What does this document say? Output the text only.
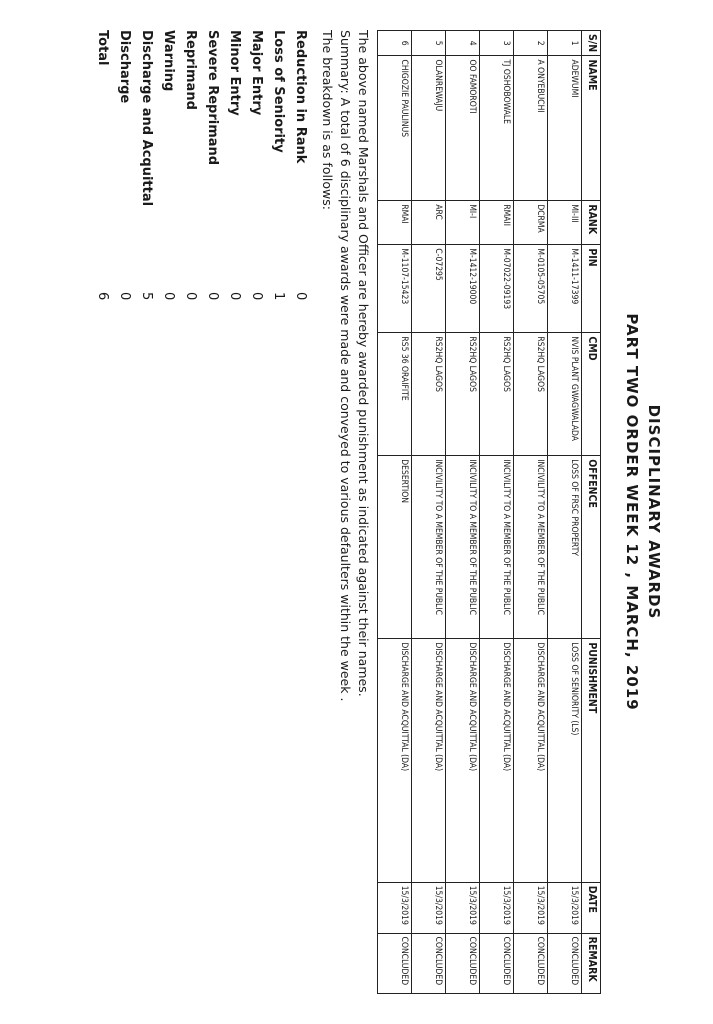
DISCIPLINARY AWARDS
PART TWO ORDER WEEK 12 , MARCH, 2019
S/N	NAME	RANK	PIN	CMD	OFFENCE	PUNISHMENT	DATE	REMARK
1	ADEWUMI	MI-III	M-1411-17399	NVIS PLANT GWAGWALADA	LOSS OF FRSC PROPERTY	LOSS OF SENIORITY (LS)	15/3/2019	CONCLUDED
2	A ONYEBUCHI	DCRMA	M-0105-05705	RS2HQ LAGOS	INCIVILITY TO A MEMBER OF THE PUBLIC	DISCHARGE AND ACQUITTAL (DA)	15/3/2019	CONCLUDED
3	TJ OSHOBOWALE	RMAII	M-07022-09193	RS2HQ LAGOS	INCIVILITY TO A MEMBER OF THE PUBLIC	DISCHARGE AND ACQUITTAL (DA)	15/3/2019	CONCLUDED
4	OO FAMOROTI	MI-I	M-1412-19000	RS2HQ LAGOS	INCIVILITY TO A MEMBER OF THE PUBLIC	DISCHARGE AND ACQUITTAL (DA)	15/3/2019	CONCLUDED
5	OLANREWAJU	ARC	C-07295	RS2HQ LAGOS	INCIVILITY TO A MEMBER OF THE PUBLIC	DISCHARGE AND ACQUITTAL (DA)	15/3/2019	CONCLUDED
6	CHIGOZIE PAULINUS	RMAI	M-1107-15423	RS5 36 ORAIFITE	DESERTION	DISCHARGE AND ACQUITTAL (DA)	15/3/2019	CONCLUDED
The above named Marshals and Officer are hereby awarded punishment as indicated against their names.
Summary: A total of 6 disciplinary awards were made and conveyed to various defaulters within the week .
The breakdown is as follows:
Reduction in Rank
0
Loss of Seniority
1
Major Entry
0
Minor Entry
0
Severe Reprimand
0
Reprimand
0
Warning
0
Discharge and Acquittal
5
Discharge
0
Total
6
